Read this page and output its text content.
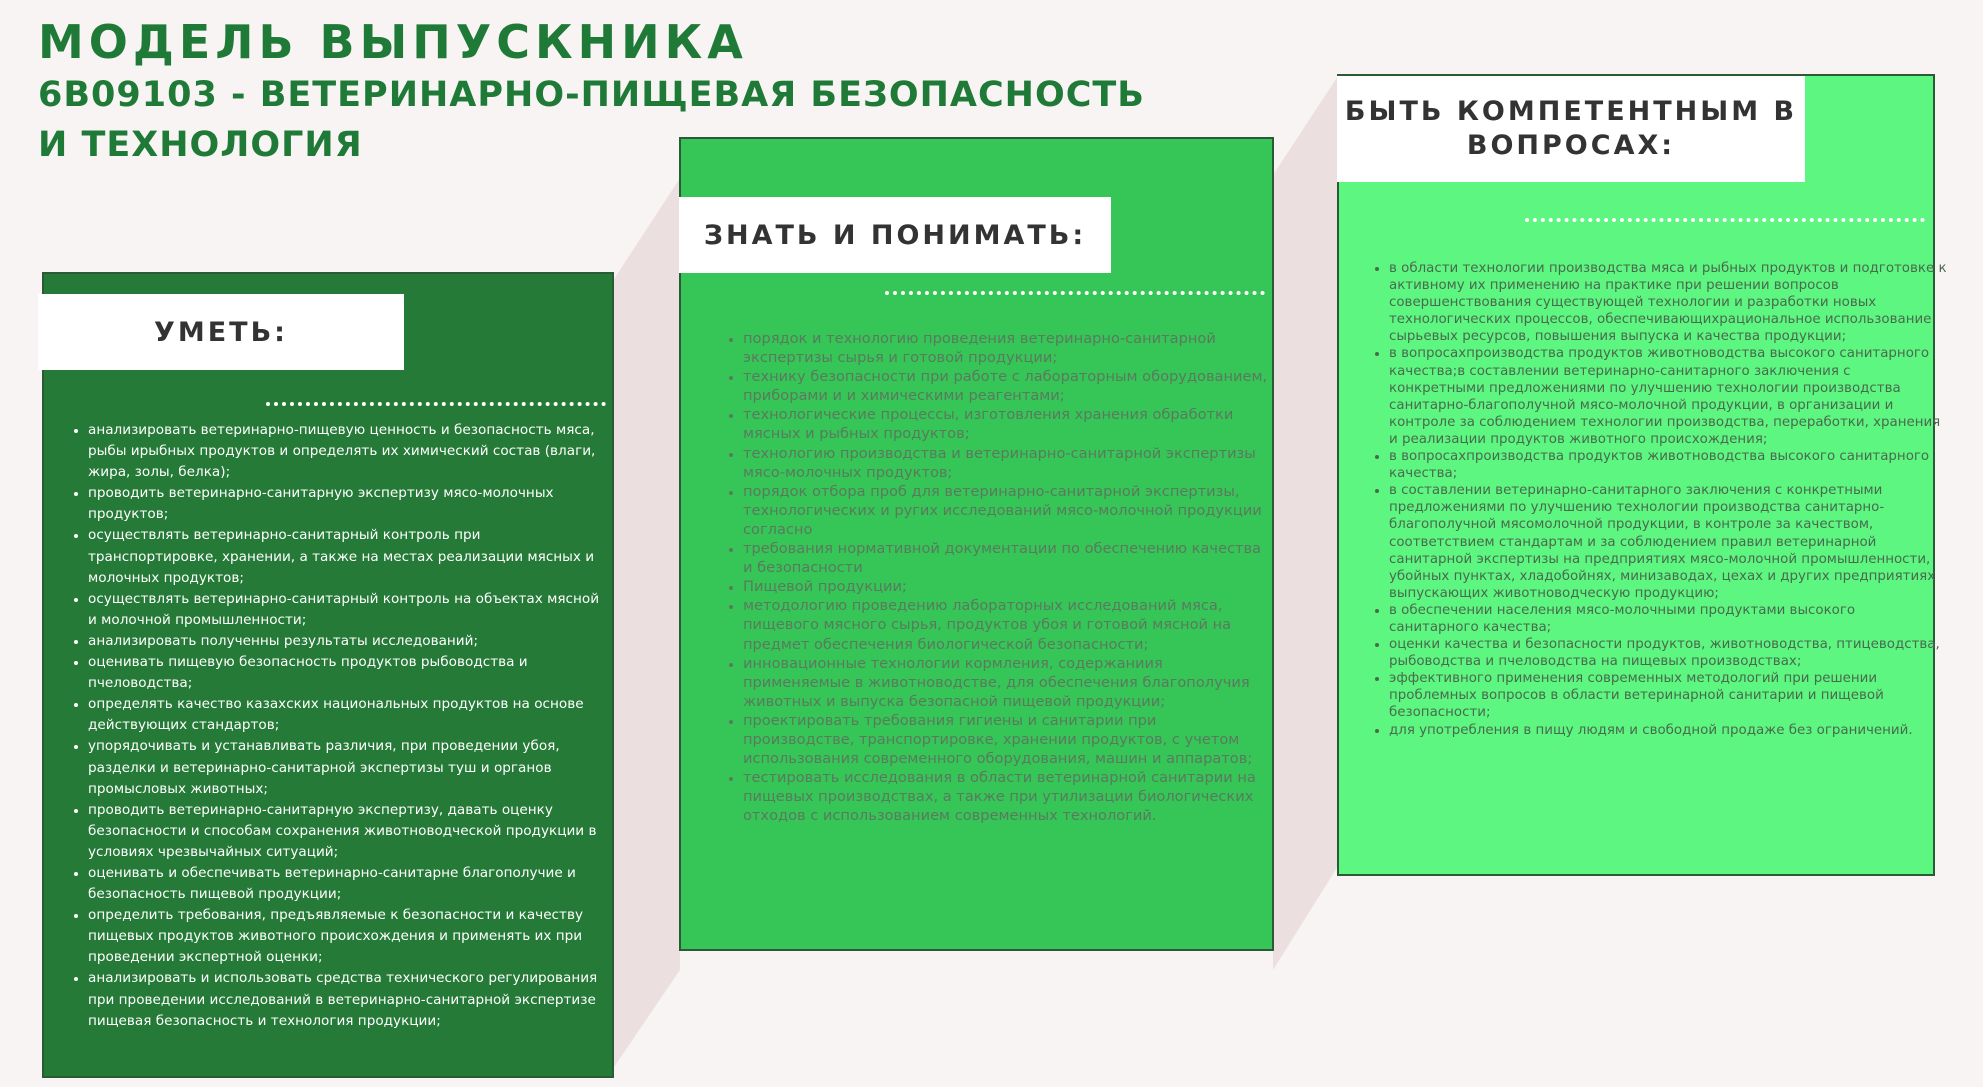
МОДЕЛЬ ВЫПУСКНИКА
6В09103 - ВЕТЕРИНАРНО-ПИЩЕВАЯ БЕЗОПАСНОСТЬ
И ТЕХНОЛОГИЯ
УМЕТЬ:
• анализировать ветеринарно-пищевую ценность и безопасность мяса, рыбы ирыбных продуктов и определять их химический состав (влаги, жира, золы, белка);
• проводить ветеринарно-санитарную экспертизу мясо-молочных продуктов;
• осуществлять ветеринарно-санитарный контроль при транспортировке, хранении, а также на местах реализации мясных и молочных продуктов;
• осуществлять ветеринарно-санитарный контроль на объектах мясной и молочной промышленности;
• анализировать полученны результаты исследований;
• оценивать пищевую безопасность продуктов рыбоводства и пчеловодства;
• определять качество казахских национальных продуктов на основе действующих стандартов;
• упорядочивать и устанавливать различия, при проведении убоя, разделки и ветеринарно-санитарной экспертизы туш и органов промысловых животных;
• проводить ветеринарно-санитарную экспертизу, давать оценку безопасности и способам сохранения животноводческой продукции в условиях чрезвычайных ситуаций;
• оценивать и обеспечивать ветеринарно-санитарне благополучие и безопасность пищевой продукции;
• определить требования, предъявляемые к безопасности и качеству пищевых продуктов животного происхождения и применять их при проведении экспертной оценки;
• анализировать и использовать средства технического регулирования при проведении исследований в ветеринарно-санитарной экспертизе пищевая безопасность и технология продукции;
ЗНАТЬ И ПОНИМАТЬ:
• порядок и технологию проведения ветеринарно-санитарной экспертизы сырья и готовой продукции;
• технику безопасности при работе с лабораторным оборудованием, приборами и и химическими реагентами;
• технологические процессы, изготовления хранения обработки мясных и рыбных продуктов;
• технологию производства и ветеринарно-санитарной экспертизы мясо-молочных продуктов;
• порядок отбора проб для ветеринарно-санитарной экспертизы, технологических и ругих исследований мясо-молочной продукции согласно
• требования нормативной документации по обеспечению качества и безопасности
• Пищевой продукции;
• методологию проведению лабораторных исследований мяса, пищевого мясного сырья, продуктов убоя и готовой мясной на предмет обеспечения биологической безопасности;
• инновационные технологии кормления, содержаниия применяемые в животноводстве, для обеспечения благополучия животных и выпуска безопасной пищевой продукции;
• проектировать требования гигиены и санитарии при производстве, транспортировке, хранении продуктов, с учетом использования современного оборудования, машин и аппаратов;
• тестировать исследования в области ветеринарной санитарии на пищевых производствах, а также при утилизации биологических отходов с использованием современных технологий.
БЫТЬ КОМПЕТЕНТНЫМ В ВОПРОСАХ:
• в области технологии производства мяса и рыбных продуктов и подготовке к активному их применению на практике при решении вопросов совершенствования существующей технологии и разработки новых технологических процессов, обеспечивающихрациональное использование сырьевых ресурсов, повышения выпуска и качества продукции;
• в вопросахпроизводства продуктов животноводства высокого санитарного качества;в составлении ветеринарно-санитарного заключения с конкретными предложениями по улучшению технологии производства санитарно-благополучной мясо-молочной продукции, в организации и контроле за соблюдением технологии производства, переработки, хранения и реализации продуктов животного происхождения;
• в вопросахпроизводства продуктов животноводства высокого санитарного качества;
• в составлении ветеринарно-санитарного заключения с конкретными предложениями по улучшению технологии производства санитарно-благополучной мясомолочной продукции, в контроле за качеством, соответствием стандартам и за соблюдением правил ветеринарной санитарной экспертизы на предприятиях мясо-молочной промышленности, убойных пунктах, хладобойнях, минизаводах, цехах и других предприятиях выпускающих животноводческую продукцию;
• в обеспечении населения мясо-молочными продуктами высокого санитарного качества;
• оценки качества и безопасности продуктов, животноводства, птицеводства, рыбоводства и пчеловодства на пищевых производствах;
• эффективного применения современных методологий при решении проблемных вопросов в области ветеринарной санитарии и пищевой безопасности;
• для употребления в пищу людям и свободной продаже без ограничений.
